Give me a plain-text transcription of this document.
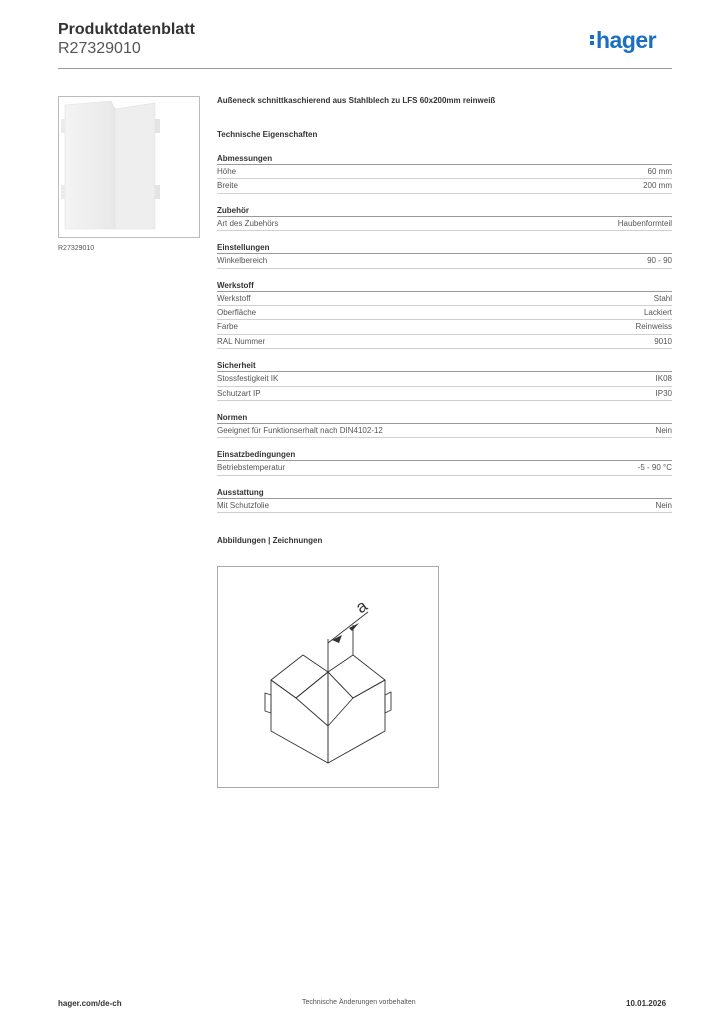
Produktdatenblatt
R27329010	hager
R27329010
Außeneck schnittkaschierend aus Stahlblech zu LFS 60x200mm reinweiß
Technische Eigenschaften
Abmessungen
Höhe	60 mm
Breite	200 mm
Zubehör
Art des Zubehörs	Haubenformteil
Einstellungen
Winkelbereich	90 - 90
Werkstoff
Werkstoff	Stahl
Oberfläche	Lackiert
Farbe	Reinweiss
RAL Nummer	9010
Sicherheit
Stossfestigkeit IK	IK08
Schutzart IP	IP30
Normen
Geeignet für Funktionserhalt nach DIN4102-12	Nein
Einsatzbedingungen
Betriebstemperatur	-5 - 90 °C
Ausstattung
Mit Schutzfolie	Nein
Abbildungen | Zeichnungen
a
hager.com/de-ch	Technische Änderungen vorbehalten	10.01.2026
